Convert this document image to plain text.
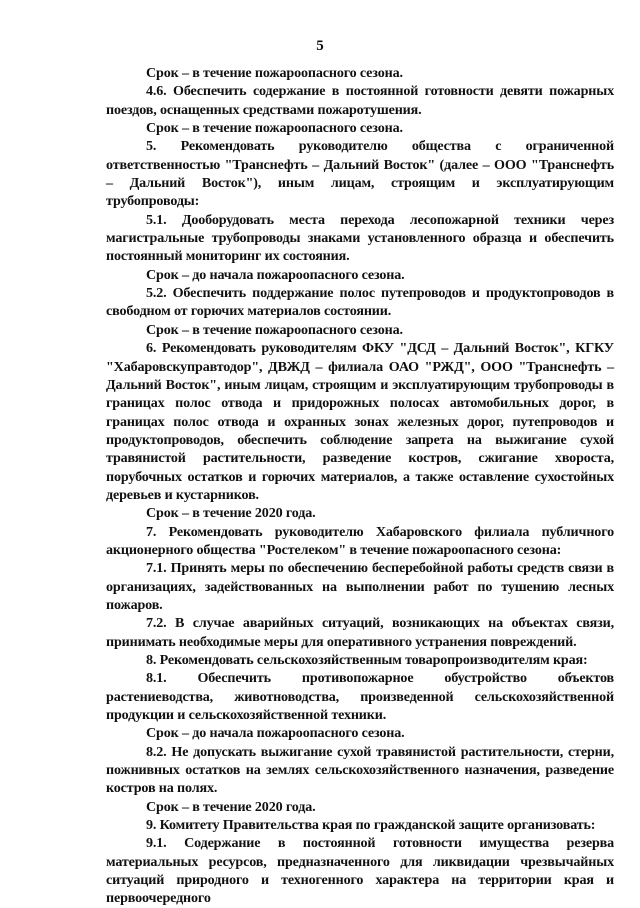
5

Срок – в течение пожароопасного сезона.

4.6. Обеспечить содержание в постоянной готовности девяти пожарных поездов, оснащенных средствами пожаротушения.

Срок – в течение пожароопасного сезона.

5. Рекомендовать руководителю общества с ограниченной ответственностью "Транснефть – Дальний Восток" (далее – ООО "Транснефть – Дальний Восток"), иным лицам, строящим и эксплуатирующим трубопроводы:

5.1. Дооборудовать места перехода лесопожарной техники через магистральные трубопроводы знаками установленного образца и обеспечить постоянный мониторинг их состояния.

Срок – до начала пожароопасного сезона.

5.2. Обеспечить поддержание полос путепроводов и продуктопроводов в свободном от горючих материалов состоянии.

Срок – в течение пожароопасного сезона.

6. Рекомендовать руководителям ФКУ "ДСД – Дальний Восток", КГКУ "Хабаровскуправтодор", ДВЖД – филиала ОАО "РЖД", ООО "Транснефть – Дальний Восток", иным лицам, строящим и эксплуатирующим трубопроводы в границах полос отвода и придорожных полосах автомобильных дорог, в границах полос отвода и охранных зонах железных дорог, путепроводов и продуктопроводов, обеспечить соблюдение запрета на выжигание сухой травянистой растительности, разведение костров, сжигание хвороста, порубочных остатков и горючих материалов, а также оставление сухостойных деревьев и кустарников.

Срок – в течение 2020 года.

7. Рекомендовать руководителю Хабаровского филиала публичного акционерного общества "Ростелеком" в течение пожароопасного сезона:

7.1. Принять меры по обеспечению бесперебойной работы средств связи в организациях, задействованных на выполнении работ по тушению лесных пожаров.

7.2. В случае аварийных ситуаций, возникающих на объектах связи, принимать необходимые меры для оперативного устранения повреждений.

8. Рекомендовать сельскохозяйственным товаропроизводителям края:

8.1. Обеспечить противопожарное обустройство объектов растениеводства, животноводства, произведенной сельскохозяйственной продукции и сельскохозяйственной техники.

Срок – до начала пожароопасного сезона.

8.2. Не допускать выжигание сухой травянистой растительности, стерни, пожнивных остатков на землях сельскохозяйственного назначения, разведение костров на полях.

Срок – в течение 2020 года.

9. Комитету Правительства края по гражданской защите организовать:

9.1. Содержание в постоянной готовности имущества резерва материальных ресурсов, предназначенного для ликвидации чрезвычайных ситуаций природного и техногенного характера на территории края и первоочередного
